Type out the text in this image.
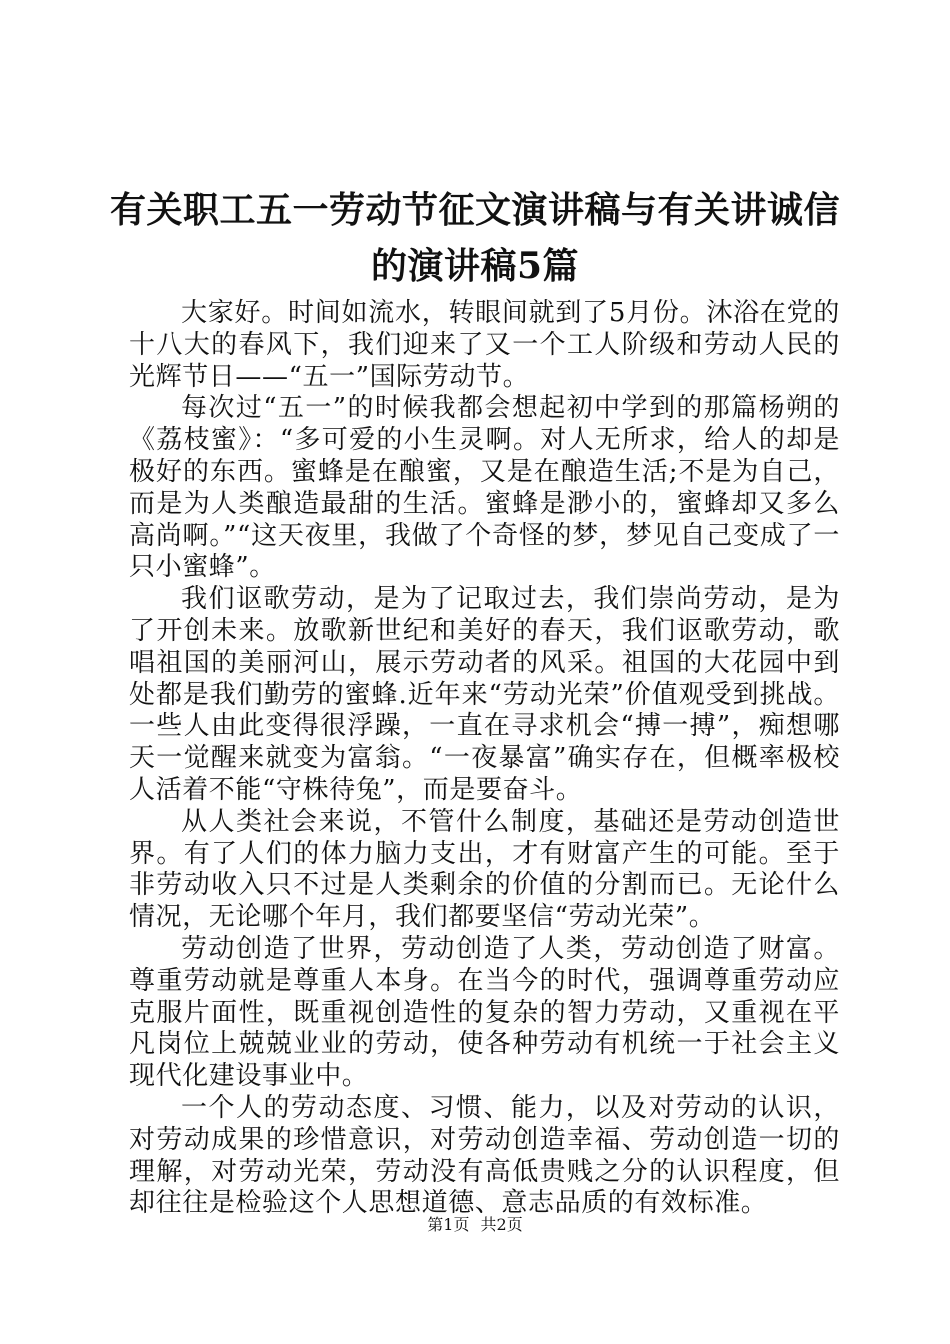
有关职工五一劳动节征文演讲稿与有关讲诚信
的演讲稿5篇

大家好。时间如流水，转眼间就到了5月份。沐浴在党的十八大的春风下，我们迎来了又一个工人阶级和劳动人民的光辉节日——“五一”国际劳动节。

每次过“五一”的时候我都会想起初中学到的那篇杨朔的《荔枝蜜》：“多可爱的小生灵啊。对人无所求，给人的却是极好的东西。蜜蜂是在酿蜜，又是在酿造生活;不是为自己，而是为人类酿造最甜的生活。蜜蜂是渺小的，蜜蜂却又多么高尚啊。”“这天夜里，我做了个奇怪的梦，梦见自己变成了一只小蜜蜂”。

我们讴歌劳动，是为了记取过去，我们崇尚劳动，是为了开创未来。放歌新世纪和美好的春天，我们讴歌劳动，歌唱祖国的美丽河山，展示劳动者的风采。祖国的大花园中到处都是我们勤劳的蜜蜂.近年来“劳动光荣”价值观受到挑战。一些人由此变得很浮躁，一直在寻求机会“搏一搏”，痴想哪天一觉醒来就变为富翁。“一夜暴富”确实存在，但概率极校人活着不能“守株待兔”，而是要奋斗。

从人类社会来说，不管什么制度，基础还是劳动创造世界。有了人们的体力脑力支出，才有财富产生的可能。至于非劳动收入只不过是人类剩余的价值的分割而已。无论什么情况，无论哪个年月，我们都要坚信“劳动光荣”。

劳动创造了世界，劳动创造了人类，劳动创造了财富。尊重劳动就是尊重人本身。在当今的时代，强调尊重劳动应克服片面性，既重视创造性的复杂的智力劳动，又重视在平凡岗位上兢兢业业的劳动，使各种劳动有机统一于社会主义现代化建设事业中。

一个人的劳动态度、习惯、能力，以及对劳动的认识，对劳动成果的珍惜意识，对劳动创造幸福、劳动创造一切的理解，对劳动光荣，劳动没有高低贵贱之分的认识程度，但却往往是检验这个人思想道德、意志品质的有效标准。

第1页 共2页
